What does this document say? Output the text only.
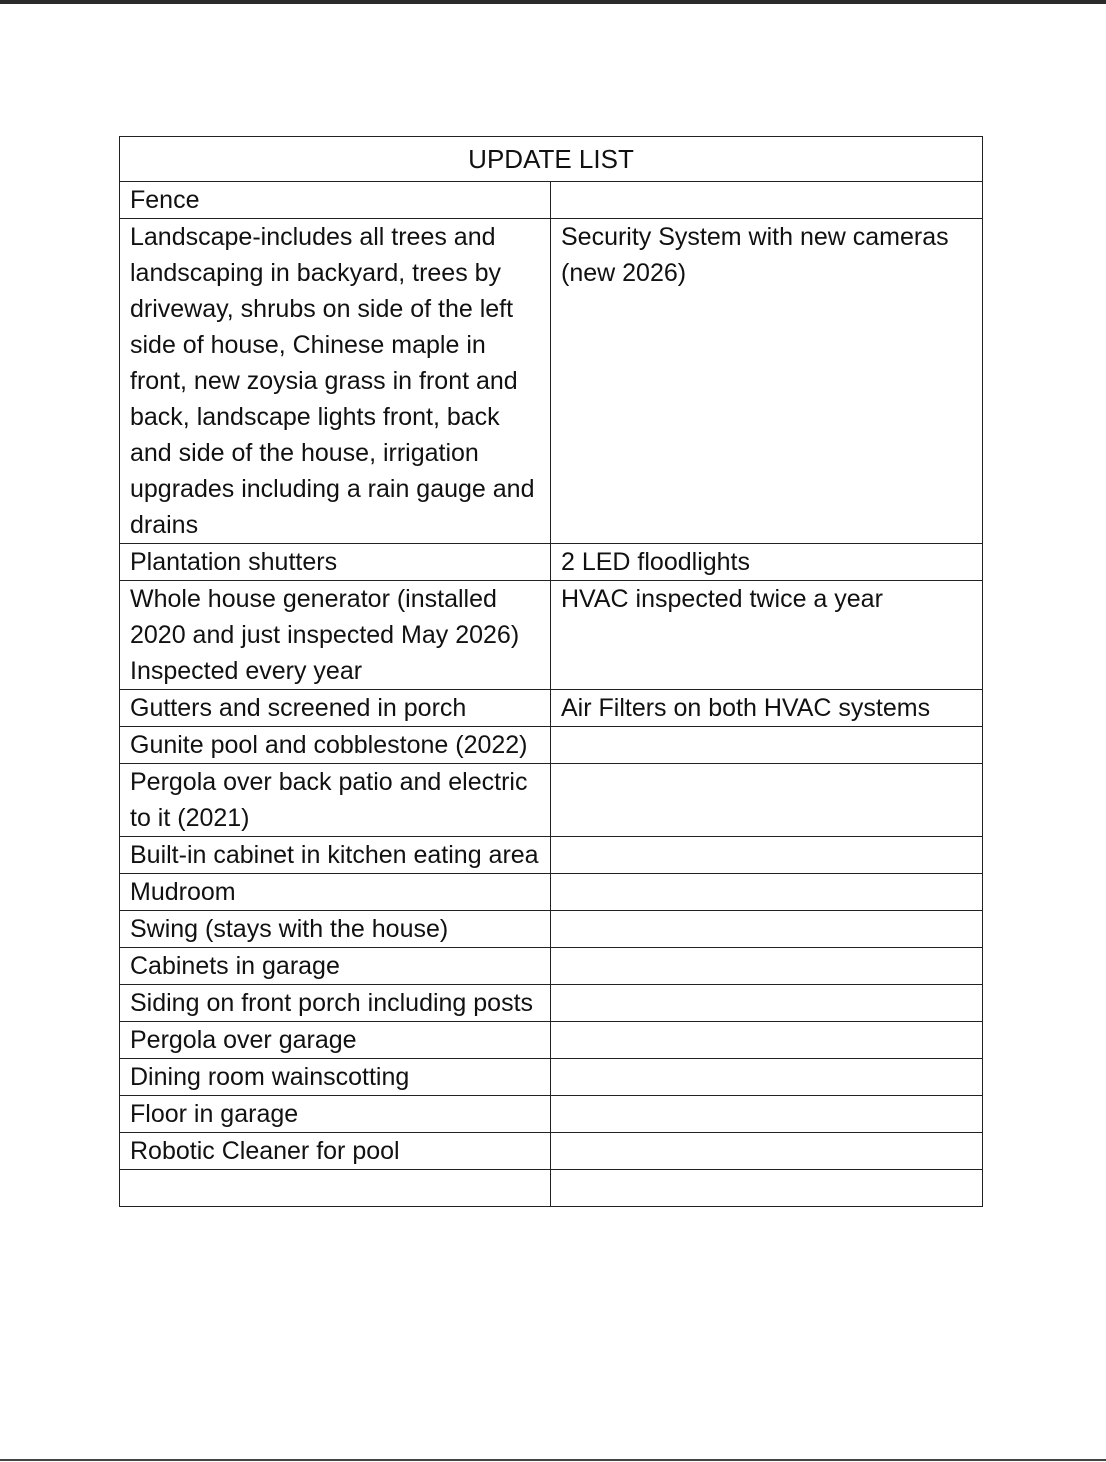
UPDATE LIST	
Fence	
Landscape-includes all trees and landscaping in backyard, trees by driveway, shrubs on side of the left side of house, Chinese maple in front, new zoysia grass in front and back, landscape lights front, back and side of the house, irrigation upgrades including a rain gauge and drains	Security System with new cameras (new 2026)
Plantation shutters	2 LED floodlights
Whole house generator (installed 2020 and just inspected May 2026) Inspected every year	HVAC inspected twice a year
Gutters and screened in porch	Air Filters on both HVAC systems
Gunite pool and cobblestone (2022)	
Pergola over back patio and electric to it (2021)	
Built-in cabinet in kitchen eating area	
Mudroom	
Swing (stays with the house)	
Cabinets in garage	
Siding on front porch including posts	
Pergola over garage	
Dining room wainscotting	
Floor in garage	
Robotic Cleaner for pool	
